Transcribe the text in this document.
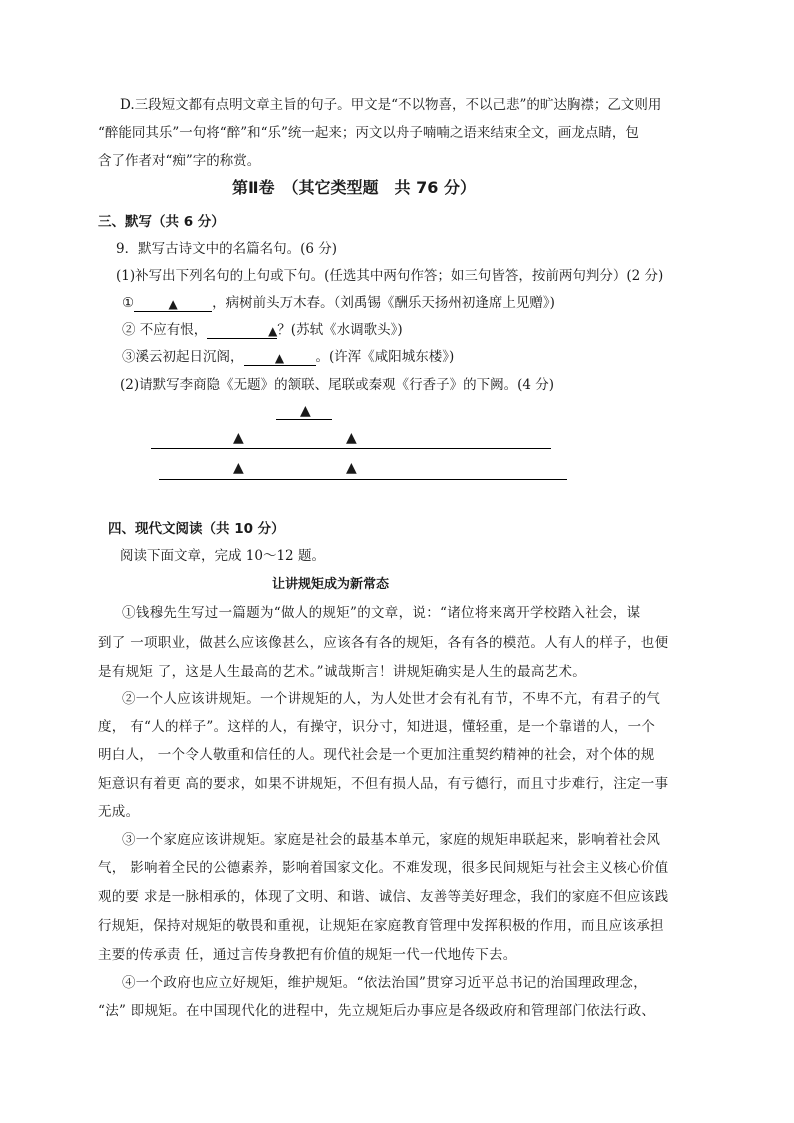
D.三段短文都有点明文章主旨的句子。甲文是“不以物喜，不以己悲”的旷达胸襟；乙文则用
“醉能同其乐”一句将“醉”和“乐”统一起来；丙文以舟子喃喃之语来结束全文，画龙点睛，包
含了作者对“痴”字的称赏。
第Ⅱ卷　（其它类型题　共 76 分）
三、默写（共 6 分）
9．默写古诗文中的名篇名句。(6 分)
(1)补写出下列名句的上句或下句。(任选其中两句作答；如三句皆答，按前两句判分）(2 分)
①	▲	，病树前头万木春。（刘禹锡《酬乐天扬州初逢席上见赠》)
② 不应有恨，	▲？(苏轼《水调歌头》)
③溪云初起日沉阁，	▲ 。(许浑《咸阳城东楼》)
(2)请默写李商隐《无题》的颔联、尾联或秦观《行香子》的下阙。(4 分)
▲
▲	▲
▲	▲
四、现代文阅读（共 10 分）
阅读下面文章，完成 10～12 题。
让讲规矩成为新常态
①钱穆先生写过一篇题为“做人的规矩”的文章，说：“诸位将来离开学校踏入社会，谋
到了 一项职业，做甚么应该像甚么，应该各有各的规矩，各有各的模范。人有人的样子，也便
是有规矩 了，这是人生最高的艺术。”诚哉斯言！讲规矩确实是人生的最高艺术。
②一个人应该讲规矩。一个讲规矩的人，为人处世才会有礼有节，不卑不亢，有君子的气
度， 有“人的样子”。这样的人，有操守，识分寸，知进退，懂轻重，是一个靠谱的人，一个
明白人， 一个令人敬重和信任的人。现代社会是一个更加注重契约精神的社会，对个体的规
矩意识有着更 高的要求，如果不讲规矩，不但有损人品，有亏德行，而且寸步难行，注定一事
无成。
③一个家庭应该讲规矩。家庭是社会的最基本单元，家庭的规矩串联起来，影响着社会风
气， 影响着全民的公德素养，影响着国家文化。不难发现，很多民间规矩与社会主义核心价值
观的要 求是一脉相承的，体现了文明、和谐、诚信、友善等美好理念，我们的家庭不但应该践
行规矩，保持对规矩的敬畏和重视，让规矩在家庭教育管理中发挥积极的作用，而且应该承担
主要的传承责 任，通过言传身教把有价值的规矩一代一代地传下去。
④一个政府也应立好规矩，维护规矩。“依法治国”贯穿习近平总书记的治国理政理念，
“法” 即规矩。在中国现代化的进程中，先立规矩后办事应是各级政府和管理部门依法行政、
